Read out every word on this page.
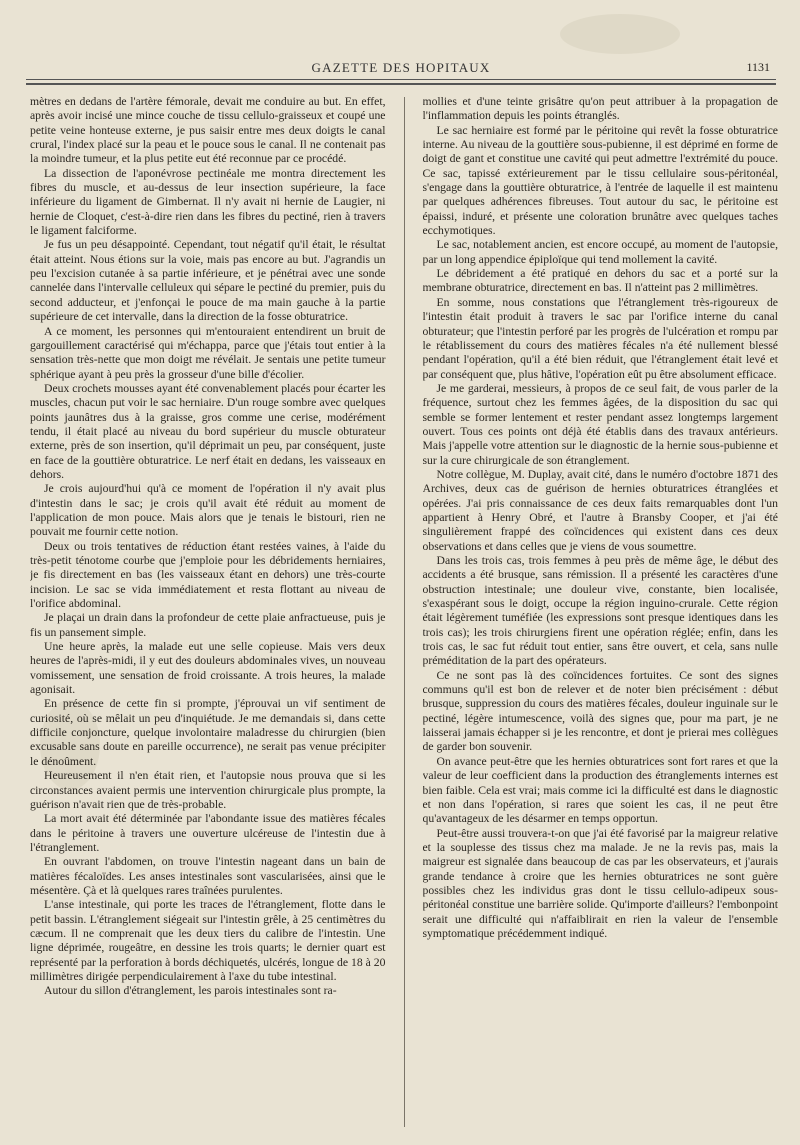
GAZETTE DES HOPITAUX	1131

mètres en dedans de l'artère fémorale, devait me conduire au but. En effet, après avoir incisé une mince couche de tissu cellulo-graisseux et coupé une petite veine honteuse externe, je pus saisir entre mes deux doigts le canal crural, l'index placé sur la peau et le pouce sous le canal. Il ne contenait pas la moindre tumeur, et la plus petite eut été reconnue par ce procédé.

La dissection de l'aponévrose pectinéale me montra directement les fibres du muscle, et au-dessus de leur insection supérieure, la face inférieure du ligament de Gimbernat. Il n'y avait ni hernie de Laugier, ni hernie de Cloquet, c'est-à-dire rien dans les fibres du pectiné, rien à travers le ligament falciforme.

Je fus un peu désappointé. Cependant, tout négatif qu'il était, le résultat était atteint. Nous étions sur la voie, mais pas encore au but. J'agrandis un peu l'excision cutanée à sa partie inférieure, et je pénétrai avec une sonde cannelée dans l'intervalle celluleux qui sépare le pectiné du premier, puis du second adducteur, et j'enfonçai le pouce de ma main gauche à la partie supérieure de cet intervalle, dans la direction de la fosse obturatrice.

A ce moment, les personnes qui m'entouraient entendirent un bruit de gargouillement caractérisé qui m'échappa, parce que j'étais tout entier à la sensation très-nette que mon doigt me révélait. Je sentais une petite tumeur sphérique ayant à peu près la grosseur d'une bille d'écolier.

Deux crochets mousses ayant été convenablement placés pour écarter les muscles, chacun put voir le sac herniaire. D'un rouge sombre avec quelques points jaunâtres dus à la graisse, gros comme une cerise, modérément tendu, il était placé au niveau du bord supérieur du muscle obturateur externe, près de son insertion, qu'il déprimait un peu, par conséquent, juste en face de la gouttière obturatrice. Le nerf était en dedans, les vaisseaux en dehors.

Je crois aujourd'hui qu'à ce moment de l'opération il n'y avait plus d'intestin dans le sac; je crois qu'il avait été réduit au moment de l'application de mon pouce. Mais alors que je tenais le bistouri, rien ne pouvait me fournir cette notion.

Deux ou trois tentatives de réduction étant restées vaines, à l'aide du très-petit ténotome courbe que j'emploie pour les débridements herniaires, je fis directement en bas (les vaisseaux étant en dehors) une très-courte incision. Le sac se vida immédiatement et resta flottant au niveau de l'orifice abdominal.

Je plaçai un drain dans la profondeur de cette plaie anfractueuse, puis je fis un pansement simple.

Une heure après, la malade eut une selle copieuse. Mais vers deux heures de l'après-midi, il y eut des douleurs abdominales vives, un nouveau vomissement, une sensation de froid croissante. A trois heures, la malade agonisait.

En présence de cette fin si prompte, j'éprouvai un vif sentiment de curiosité, où se mêlait un peu d'inquiétude. Je me demandais si, dans cette difficile conjoncture, quelque involontaire maladresse du chirurgien (bien excusable sans doute en pareille occurrence), ne serait pas venue précipiter le dénoûment.

Heureusement il n'en était rien, et l'autopsie nous prouva que si les circonstances avaient permis une intervention chirurgicale plus prompte, la guérison n'avait rien que de très-probable.

La mort avait été déterminée par l'abondante issue des matières fécales dans le péritoine à travers une ouverture ulcéreuse de l'intestin due à l'étranglement.

En ouvrant l'abdomen, on trouve l'intestin nageant dans un bain de matières fécaloïdes. Les anses intestinales sont vascularisées, ainsi que le mésentère. Çà et là quelques rares traînées purulentes.

L'anse intestinale, qui porte les traces de l'étranglement, flotte dans le petit bassin. L'étranglement siégeait sur l'intestin grêle, à 25 centimètres du cæcum. Il ne comprenait que les deux tiers du calibre de l'intestin. Une ligne déprimée, rougeâtre, en dessine les trois quarts; le dernier quart est représenté par la perforation à bords déchiquetés, ulcérés, longue de 18 à 20 millimètres dirigée perpendiculairement à l'axe du tube intestinal.

Autour du sillon d'étranglement, les parois intestinales sont ra-

mollies et d'une teinte grisâtre qu'on peut attribuer à la propagation de l'inflammation depuis les points étranglés.

Le sac herniaire est formé par le péritoine qui revêt la fosse obturatrice interne. Au niveau de la gouttière sous-pubienne, il est déprimé en forme de doigt de gant et constitue une cavité qui peut admettre l'extrémité du pouce. Ce sac, tapissé extérieurement par le tissu cellulaire sous-péritonéal, s'engage dans la gouttière obturatrice, à l'entrée de laquelle il est maintenu par quelques adhérences fibreuses. Tout autour du sac, le péritoine est épaissi, induré, et présente une coloration brunâtre avec quelques taches ecchymotiques.

Le sac, notablement ancien, est encore occupé, au moment de l'autopsie, par un long appendice épiploïque qui tend mollement la cavité.

Le débridement a été pratiqué en dehors du sac et a porté sur la membrane obturatrice, directement en bas. Il n'atteint pas 2 millimètres.

En somme, nous constations que l'étranglement très-rigoureux de l'intestin était produit à travers le sac par l'orifice interne du canal obturateur; que l'intestin perforé par les progrès de l'ulcération et rompu par le rétablissement du cours des matières fécales n'a été nullement blessé pendant l'opération, qu'il a été bien réduit, que l'étranglement était levé et par conséquent que, plus hâtive, l'opération eût pu être absolument efficace.

Je me garderai, messieurs, à propos de ce seul fait, de vous parler de la fréquence, surtout chez les femmes âgées, de la disposition du sac qui semble se former lentement et rester pendant assez longtemps largement ouvert. Tous ces points ont déjà été établis dans des travaux antérieurs. Mais j'appelle votre attention sur le diagnostic de la hernie sous-pubienne et sur la cure chirurgicale de son étranglement.

Notre collègue, M. Duplay, avait cité, dans le numéro d'octobre 1871 des Archives, deux cas de guérison de hernies obturatrices étranglées et opérées. J'ai pris connaissance de ces deux faits remarquables dont l'un appartient à Henry Obré, et l'autre à Bransby Cooper, et j'ai été singulièrement frappé des coïncidences qui existent dans ces deux observations et dans celles que je viens de vous soumettre.

Dans les trois cas, trois femmes à peu près de même âge, le début des accidents a été brusque, sans rémission. Il a présenté les caractères d'une obstruction intestinale; une douleur vive, constante, bien localisée, s'exaspérant sous le doigt, occupe la région inguino-crurale. Cette région était légèrement tuméfiée (les expressions sont presque identiques dans les trois cas); les trois chirurgiens firent une opération réglée; enfin, dans les trois cas, le sac fut réduit tout entier, sans être ouvert, et cela, sans nulle préméditation de la part des opérateurs.

Ce ne sont pas là des coïncidences fortuites. Ce sont des signes communs qu'il est bon de relever et de noter bien précisément : début brusque, suppression du cours des matières fécales, douleur inguinale sur le pectiné, légère intumescence, voilà des signes que, pour ma part, je ne laisserai jamais échapper si je les rencontre, et dont je prierai mes collègues de garder bon souvenir.

On avance peut-être que les hernies obturatrices sont fort rares et que la valeur de leur coefficient dans la production des étranglements internes est bien faible. Cela est vrai; mais comme ici la difficulté est dans le diagnostic et non dans l'opération, si rares que soient les cas, il ne peut être qu'avantageux de les désarmer en temps opportun.

Peut-être aussi trouvera-t-on que j'ai été favorisé par la maigreur relative et la souplesse des tissus chez ma malade. Je ne la revis pas, mais la maigreur est signalée dans beaucoup de cas par les observateurs, et j'aurais grande tendance à croire que les hernies obturatrices ne sont guère possibles chez les individus gras dont le tissu cellulo-adipeux sous-péritonéal constitue une barrière solide. Qu'importe d'ailleurs? l'embonpoint serait une difficulté qui n'affaiblirait en rien la valeur de l'ensemble symptomatique précédemment indiqué.
